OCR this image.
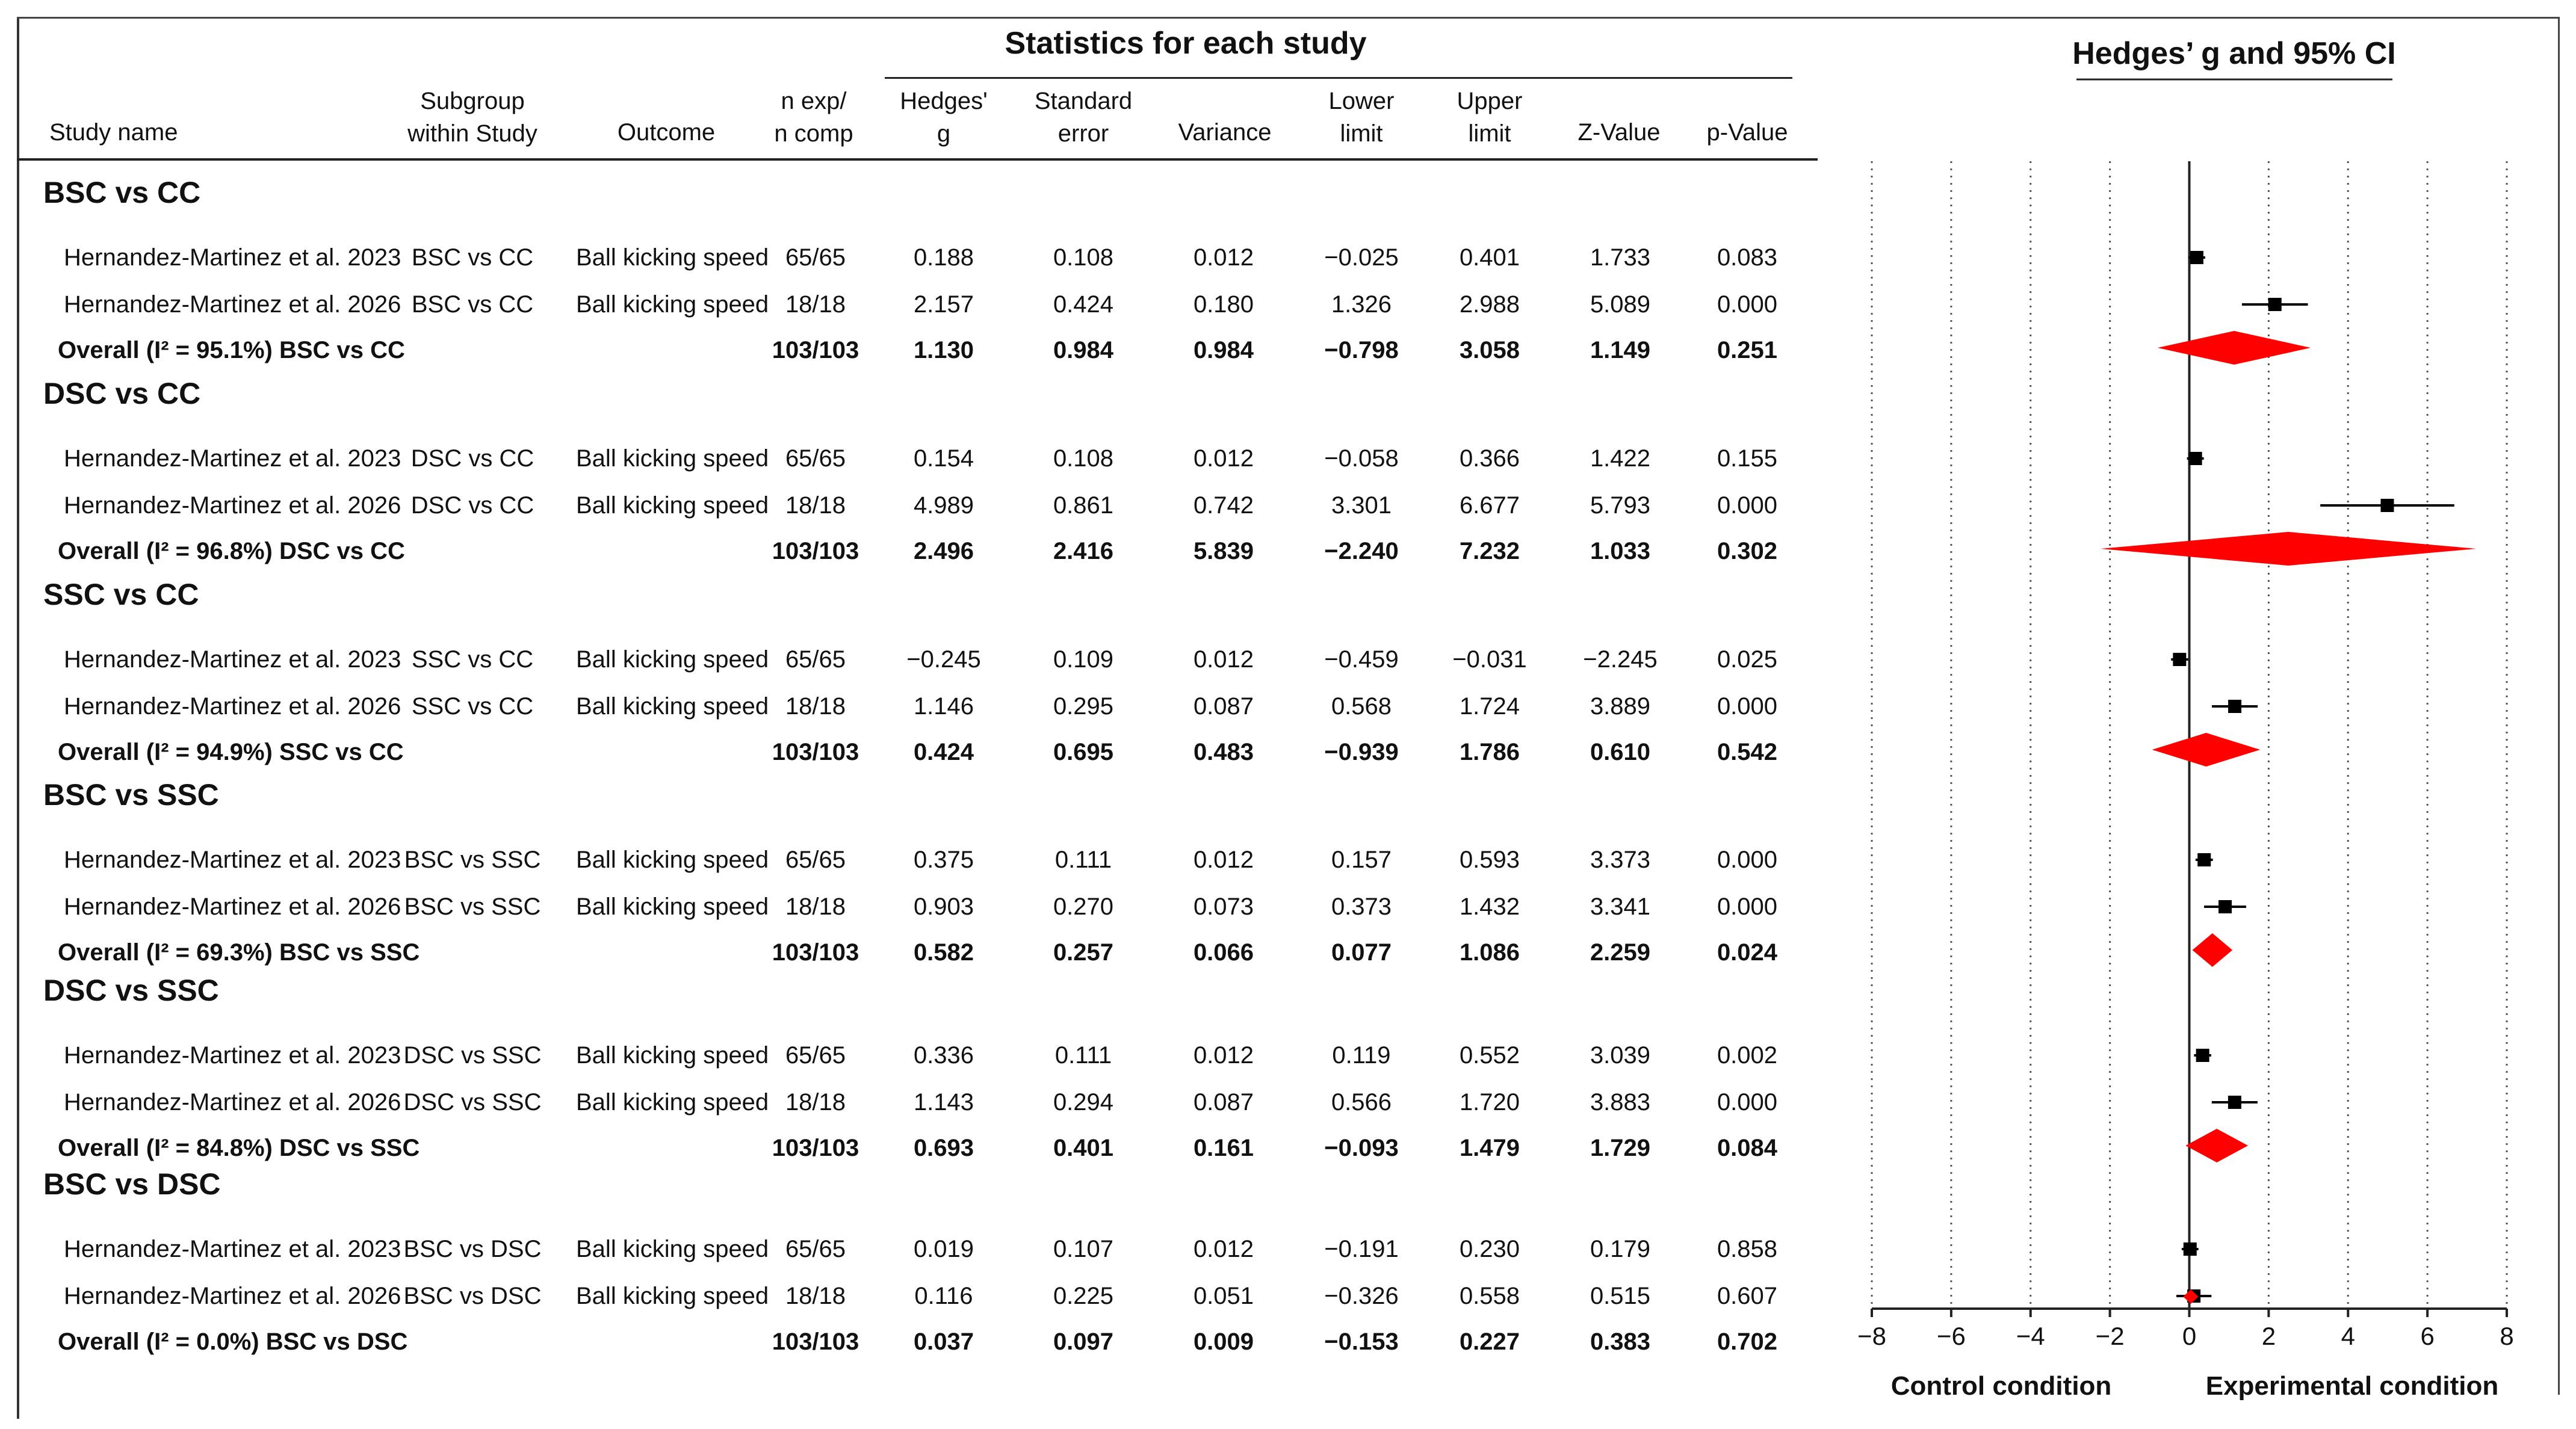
Statistics for each study
Study name
Subgroup
within Study	Outcome
n exp/
n comp
Hedges'
g
Standard
error	Variance
Lower
limit
Upper
limit	Z-Value	p-Value
BSC vs CC
Hernandez-Martinez et al. 2023 BSC vs CC	Ball kicking speed 65/65	0.188	0.108	0.012	−0.025	0.401	1.733	0.083
Hernandez-Martinez et al. 2026 BSC vs CC	Ball kicking speed 18/18	2.157	0.424	0.180	1.326	2.988	5.089	0.000
Overall (I² = 95.1%) BSC vs CC	103/103	1.130	0.984	0.984	−0.798	3.058	1.149	0.251
DSC vs CC
Hernandez-Martinez et al. 2023 DSC vs CC	Ball kicking speed 65/65	0.154	0.108	0.012	−0.058	0.366	1.422	0.155
Hernandez-Martinez et al. 2026 DSC vs CC	Ball kicking speed 18/18	4.989	0.861	0.742	3.301	6.677	5.793	0.000
Overall (I² = 96.8%) DSC vs CC	103/103	2.496	2.416	5.839	−2.240	7.232	1.033	0.302
SSC vs CC
Hernandez-Martinez et al. 2023 SSC vs CC	Ball kicking speed 65/65	−0.245	0.109	0.012	−0.459	−0.031	−2.245	0.025
Hernandez-Martinez et al. 2026 SSC vs CC	Ball kicking speed 18/18	1.146	0.295	0.087	0.568	1.724	3.889	0.000
Overall (I² = 94.9%) SSC vs CC	103/103	0.424	0.695	0.483	−0.939	1.786	0.610	0.542
BSC vs SSC
Hernandez-Martinez et al. 2023 BSC vs SSC	Ball kicking speed 65/65	0.375	0.111	0.012	0.157	0.593	3.373	0.000
Hernandez-Martinez et al. 2026 BSC vs SSC	Ball kicking speed 18/18	0.903	0.270	0.073	0.373	1.432	3.341	0.000
Overall (I² = 69.3%) BSC vs SSC	103/103	0.582	0.257	0.066	0.077	1.086	2.259	0.024
DSC vs SSC
Hernandez-Martinez et al. 2023 DSC vs SSC	Ball kicking speed 65/65	0.336	0.111	0.012	0.119	0.552	3.039	0.002
Hernandez-Martinez et al. 2026 DSC vs SSC	Ball kicking speed 18/18	1.143	0.294	0.087	0.566	1.720	3.883	0.000
Overall (I² = 84.8%) DSC vs SSC	103/103	0.693	0.401	0.161	−0.093	1.479	1.729	0.084
BSC vs DSC
Hernandez-Martinez et al. 2023 BSC vs DSC	Ball kicking speed 65/65	0.019	0.107	0.012	−0.191	0.230	0.179	0.858
Hernandez-Martinez et al. 2026 BSC vs DSC	Ball kicking speed 18/18	0.116	0.225	0.051	−0.326	0.558	0.515	0.607
Overall (I² = 0.0%) BSC vs DSC	103/103	0.037	0.097	0.009	−0.153	0.227	0.383	0.702
Hedges’ g and 95% CI
−8 −6 −4 −2 0	2	4	6	8
Control condition	Experimental condition
